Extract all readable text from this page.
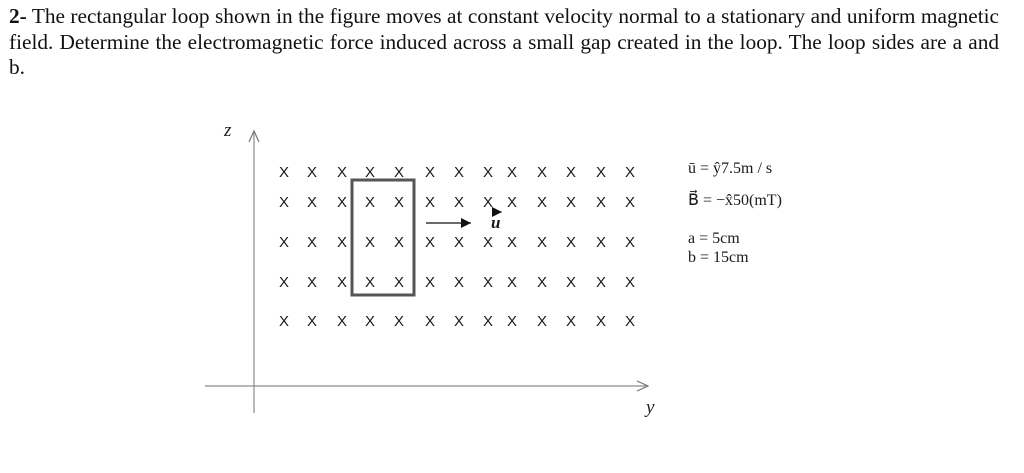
2- The rectangular loop shown in the figure moves at constant velocity normal to a stationary and uniform magnetic field. Determine the electromagnetic force induced across a small gap created in the loop. The loop sides are a and b.

z
y
X X X X X X X X X X X X X
X X X X X X X X X X X X X
X X X X X X X X X X X X X
X X X X X X X X X X X X X
X X X X X X X X X X X X X
u
ū = ŷ7.5m / s
B⃗ = −x̂50(mT)
a = 5cm
b = 15cm
